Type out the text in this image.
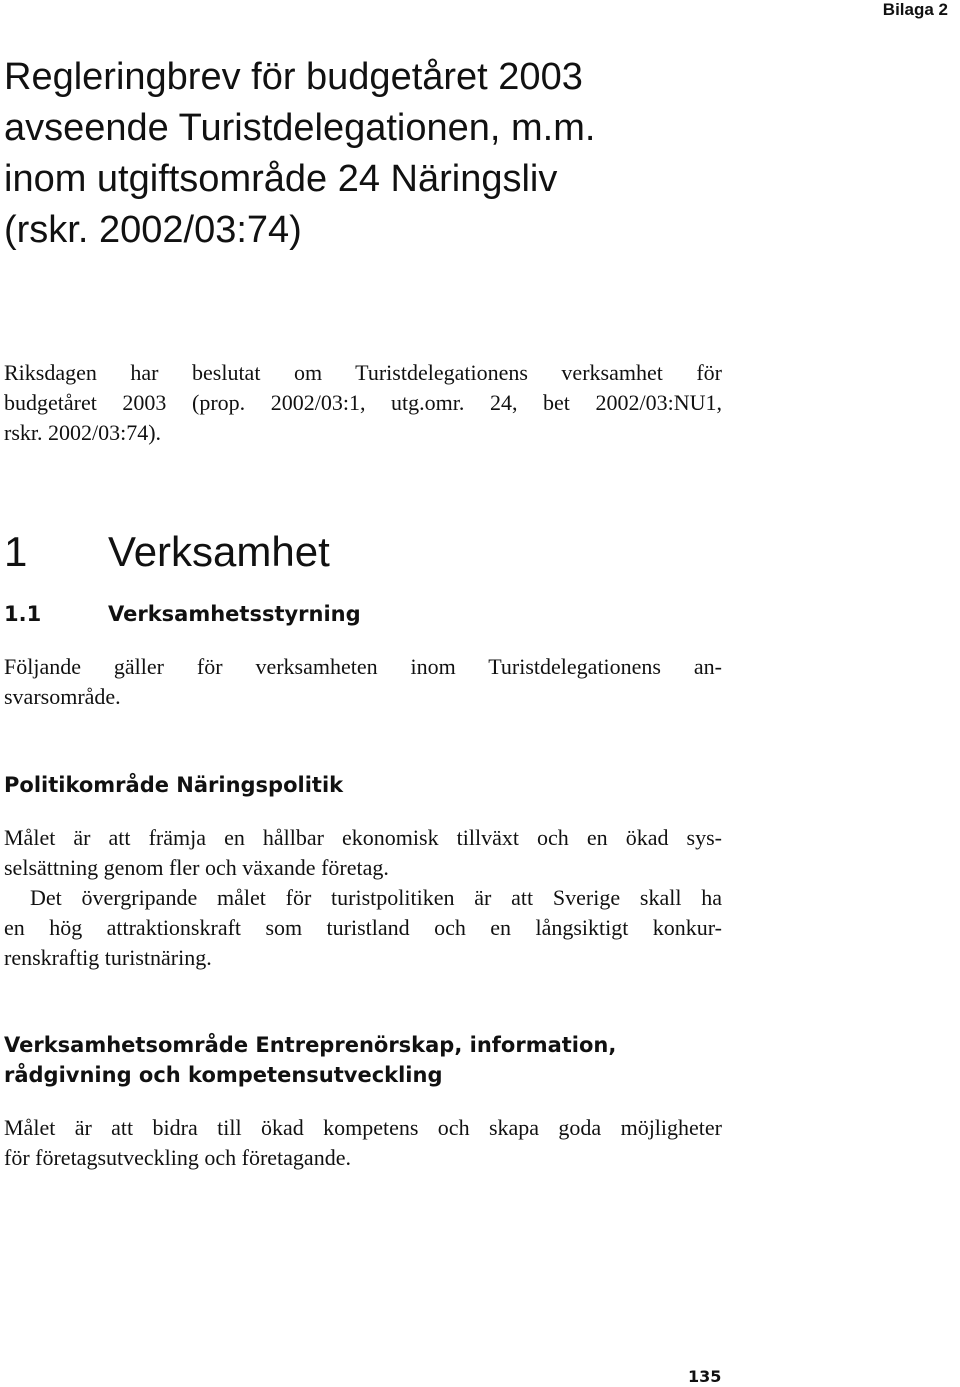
Bilaga 2
Regleringbrev för budgetåret 2003
avseende Turistdelegationen, m.m.
inom utgiftsområde 24 Näringsliv
(rskr. 2002/03:74)

Riksdagen har beslutat om Turistdelegationens verksamhet för
budgetåret 2003 (prop. 2002/03:1, utg.omr. 24, bet 2002/03:NU1,
rskr. 2002/03:74).

1 Verksamhet
1.1	Verksamhetsstyrning

Följande gäller för verksamheten inom Turistdelegationens an-
svarsområde.

Politikområde Näringspolitik
Målet är att främja en hållbar ekonomisk tillväxt och en ökad sys-
selsättning genom fler och växande företag.
Det övergripande målet för turistpolitiken är att Sverige skall ha
en hög attraktionskraft som turistland och en långsiktigt konkur-
renskraftig turistnäring.
Verksamhetsområde Entreprenörskap, information,
rådgivning och kompetensutveckling

Målet är att bidra till ökad kompetens och skapa goda möjligheter
för företagsutveckling och företagande.

135
